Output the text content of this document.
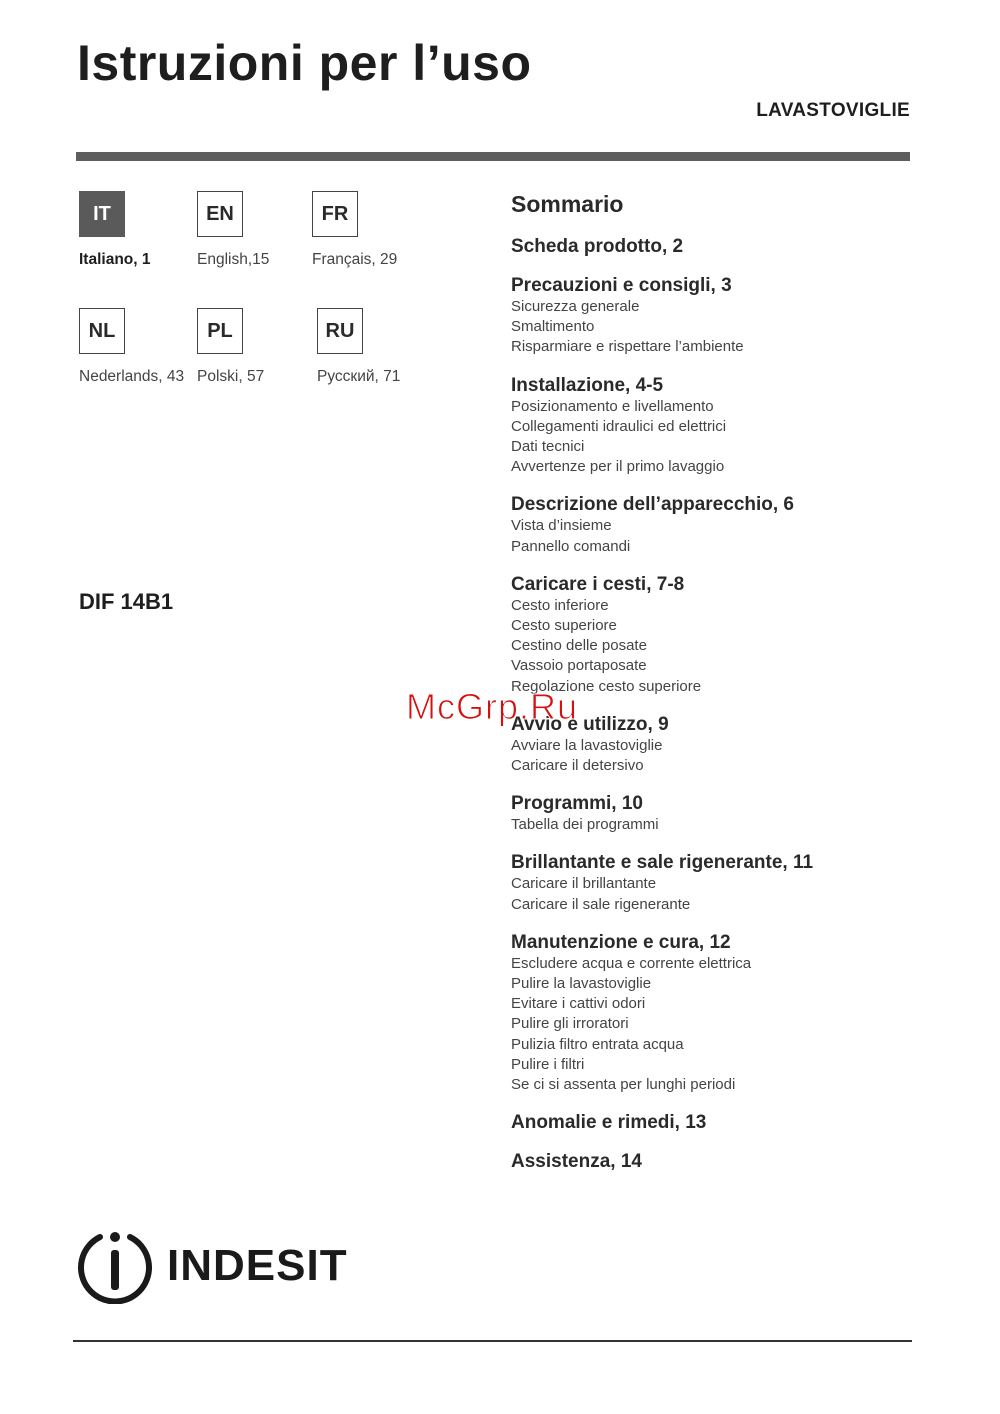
Istruzioni per l’uso
LAVASTOVIGLIE
IT
Italiano, 1
EN
English,15
FR
Français, 29
NL
Nederlands, 43
PL
Polski, 57
RU
Русский, 71
DIF 14B1
Sommario
Scheda prodotto, 2
Precauzioni e consigli, 3
Sicurezza generale
Smaltimento
Risparmiare e rispettare l’ambiente
Installazione, 4-5
Posizionamento e livellamento
Collegamenti idraulici ed elettrici
Dati tecnici
Avvertenze per il primo lavaggio
Descrizione dell’apparecchio, 6
Vista d’insieme
Pannello comandi
Caricare i cesti, 7-8
Cesto inferiore
Cesto superiore
Cestino delle posate
Vassoio portaposate
Regolazione cesto superiore
Avvio e utilizzo, 9
Avviare la lavastoviglie
Caricare il detersivo
Programmi, 10
Tabella dei programmi
Brillantante e sale rigenerante, 11
Caricare il brillantante
Caricare il sale rigenerante
Manutenzione e cura, 12
Escludere acqua e corrente elettrica
Pulire la lavastoviglie
Evitare i cattivi odori
Pulire gli irroratori
Pulizia filtro entrata acqua
Pulire i filtri
Se ci si assenta per lunghi periodi
Anomalie e rimedi, 13
Assistenza, 14
McGrp.Ru
INDESIT
